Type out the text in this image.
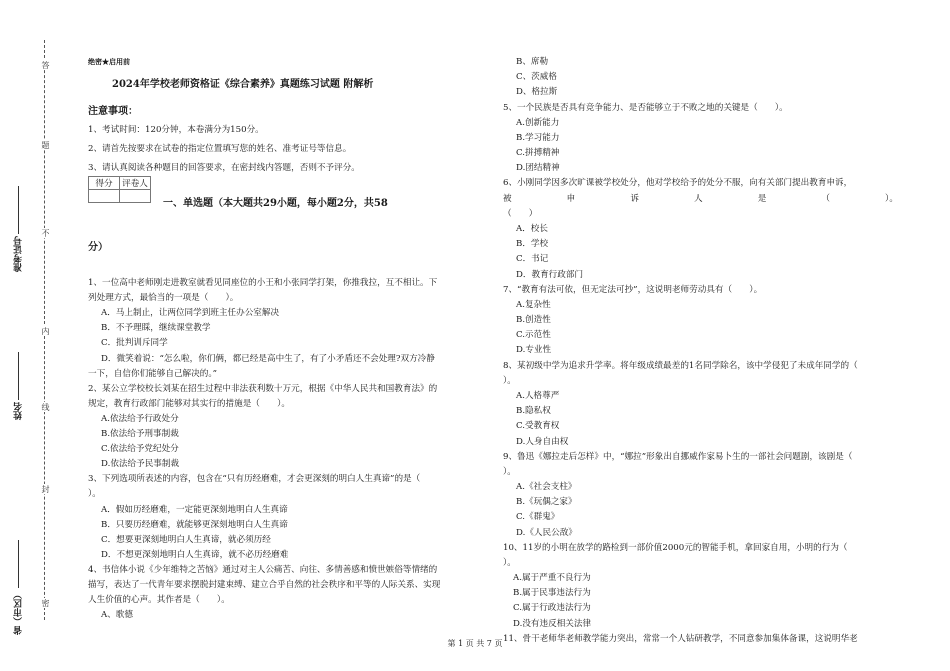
答
题
不
内
线
封
密
准考证号
姓名
省（市区）
绝密★启用前
2024年学校老师资格证《综合素养》真题练习试题 附解析
注意事项：
1、考试时间：120分钟，本卷满分为150分。
2、请首先按要求在试卷的指定位置填写您的姓名、准考证号等信息。
3、请认真阅读各种题目的回答要求，在密封线内答题，否则不予评分。
得分	评卷人

一、单选题（本大题共29小题，每小题2分，共58
分）
1、一位高中老师刚走进教室就看见同座位的小王和小张同学打架，你推我拉，互不相让。下
列处理方式，最恰当的一项是（　　）。
A．马上制止，让两位同学到班主任办公室解决
B．不予理睬，继续课堂教学
C．批判训斥同学
D．微笑着说：“怎么啦，你们俩，都已经是高中生了，有了小矛盾还不会处理?双方冷静
一下，自信你们能够自己解决的。”
2、某公立学校校长刘某在招生过程中非法获利数十万元，根据《中华人民共和国教育法》的
规定，教育行政部门能够对其实行的措施是（　　）。
A.依法给予行政处分
B.依法给予刑事制裁
C.依法给予党纪处分
D.依法给予民事制裁
3、下列选项所表述的内容，包含在“只有历经磨难，才会更深刻的明白人生真谛”的是（
）。
A．假如历经磨难，一定能更深刻地明白人生真谛
B．只要历经磨难，就能够更深刻地明白人生真谛
C．想要更深刻地明白人生真谛，就必须历经
D．不想更深刻地明白人生真谛，就不必历经磨难
4、书信体小说《少年维特之苦恼》通过对主人公痛苦、向往、多情善感和愤世嫉俗等情绪的
描写，表达了一代青年要求摆脱封建束缚、建立合乎自然的社会秩序和平等的人际关系、实现
人生价值的心声。其作者是（　　）。
A、歌德
B、席勒
C、茨威格
D、格拉斯
5、一个民族是否具有竞争能力、是否能够立于不败之地的关键是（　　）。
A.创新能力
B.学习能力
C.拼搏精神
D.团结精神
6、小刚同学因多次旷课被学校处分，他对学校给予的处分不服，向有关部门提出教育申诉，
（　　）
A．校长
B．学校
C．书记
D．教育行政部门
7、“教育有法可依，但无定法可抄”，这说明老师劳动具有（　　）。
A.复杂性
B.创造性
C.示范性
D.专业性
8、某初级中学为追求升学率。将年级成绩最差的1名同学除名，该中学侵犯了未成年同学的（
）。
A.人格尊严
B.隐私权
C.受教育权
D.人身自由权
9、鲁迅《娜拉走后怎样》中，“娜拉”形象出自挪威作家易卜生的一部社会问题剧，该剧是（
）。
A.《社会支柱》
B.《玩偶之家》
C.《群鬼》
D.《人民公敌》
10、11岁的小明在放学的路检到一部价值2000元的智能手机，拿回家自用，小明的行为（
）。
A.属于严重不良行为
B.属于民事违法行为
C.属于行政违法行为
D.没有违反相关法律
11、骨干老师华老师教学能力突出，常常一个人钻研教学，不同意参加集体备课，这说明华老
被	申	诉	人	是	（	）。
第 1 页 共 7 页
